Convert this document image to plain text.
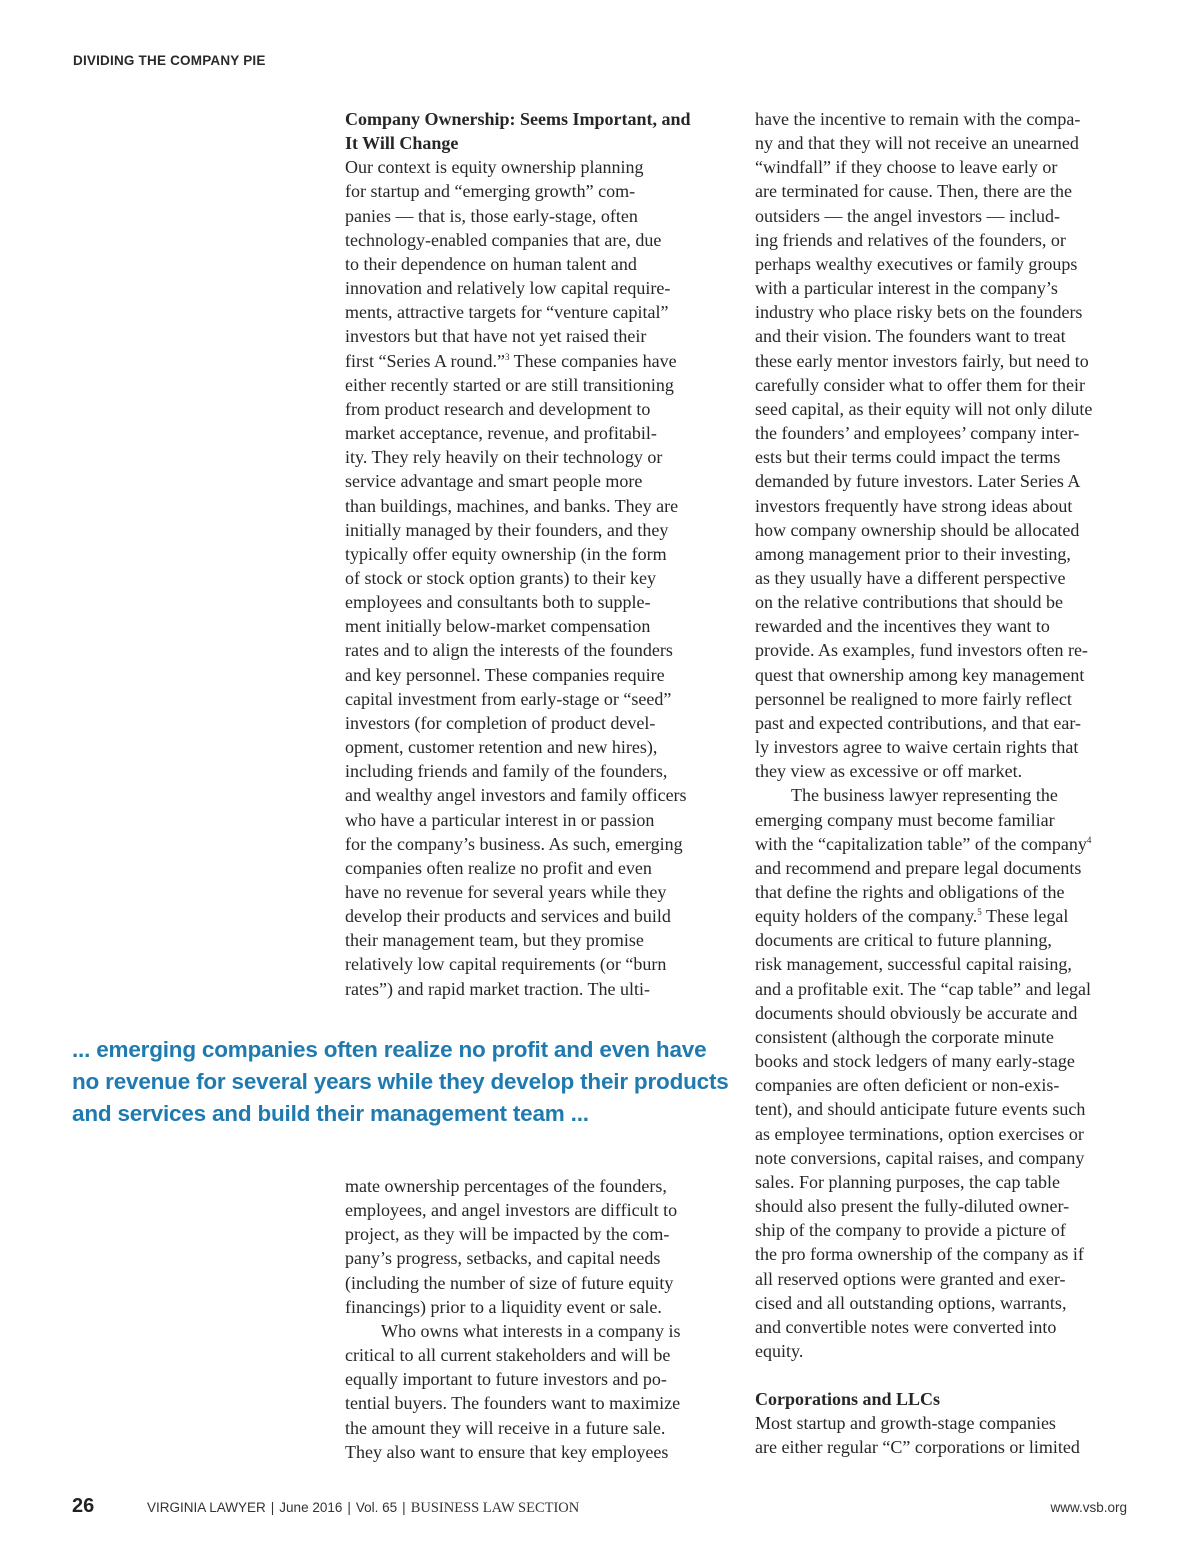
DIVIDING THE COMPANY PIE
Company Ownership: Seems Important, and
It Will Change
Our context is equity ownership planning
for startup and “emerging growth” com-
panies — that is, those early-stage, often
technology-enabled companies that are, due
to their dependence on human talent and
innovation and relatively low capital require-
ments, attractive targets for “venture capital”
investors but that have not yet raised their
first “Series A round.”$^3$ These companies have
either recently started or are still transitioning
from product research and development to
market acceptance, revenue, and profitabil-
ity. They rely heavily on their technology or
service advantage and smart people more
than buildings, machines, and banks. They are
initially managed by their founders, and they
typically offer equity ownership (in the form
of stock or stock option grants) to their key
employees and consultants both to supple-
ment initially below-market compensation
rates and to align the interests of the founders
and key personnel. These companies require
capital investment from early-stage or “seed”
investors (for completion of product devel-
opment, customer retention and new hires),
including friends and family of the founders,
and wealthy angel investors and family officers
who have a particular interest in or passion
for the company’s business. As such, emerging
companies often realize no profit and even
have no revenue for several years while they
develop their products and services and build
their management team, but they promise
relatively low capital requirements (or “burn
rates”) and rapid market traction. The ulti-
... emerging companies often realize no profit and even have
no revenue for several years while they develop their products
and services and build their management team ...
mate ownership percentages of the founders,
employees, and angel investors are difficult to
project, as they will be impacted by the com-
pany’s progress, setbacks, and capital needs
(including the number of size of future equity
financings) prior to a liquidity event or sale.
Who owns what interests in a company is
critical to all current stakeholders and will be
equally important to future investors and po-
tential buyers. The founders want to maximize
the amount they will receive in a future sale.
They also want to ensure that key employees
have the incentive to remain with the compa-
ny and that they will not receive an unearned
“windfall” if they choose to leave early or
are terminated for cause. Then, there are the
outsiders — the angel investors — includ-
ing friends and relatives of the founders, or
perhaps wealthy executives or family groups
with a particular interest in the company’s
industry who place risky bets on the founders
and their vision. The founders want to treat
these early mentor investors fairly, but need to
carefully consider what to offer them for their
seed capital, as their equity will not only dilute
the founders’ and employees’ company inter-
ests but their terms could impact the terms
demanded by future investors. Later Series A
investors frequently have strong ideas about
how company ownership should be allocated
among management prior to their investing,
as they usually have a different perspective
on the relative contributions that should be
rewarded and the incentives they want to
provide. As examples, fund investors often re-
quest that ownership among key management
personnel be realigned to more fairly reflect
past and expected contributions, and that ear-
ly investors agree to waive certain rights that
they view as excessive or off market.
The business lawyer representing the
emerging company must become familiar
with the “capitalization table” of the company$^4$
and recommend and prepare legal documents
that define the rights and obligations of the
equity holders of the company.$^5$ These legal
documents are critical to future planning,
risk management, successful capital raising,
and a profitable exit. The “cap table” and legal
documents should obviously be accurate and
consistent (although the corporate minute
books and stock ledgers of many early-stage
companies are often deficient or non-exis-
tent), and should anticipate future events such
as employee terminations, option exercises or
note conversions, capital raises, and company
sales. For planning purposes, the cap table
should also present the fully-diluted owner-
ship of the company to provide a picture of
the pro forma ownership of the company as if
all reserved options were granted and exer-
cised and all outstanding options, warrants,
and convertible notes were converted into
equity.
Corporations and LLCs
Most startup and growth-stage companies
are either regular “C” corporations or limited
26	VIRGINIA LAWYER | June 2016 | Vol. 65 | BUSINESS LAW SECTION	www.vsb.org
